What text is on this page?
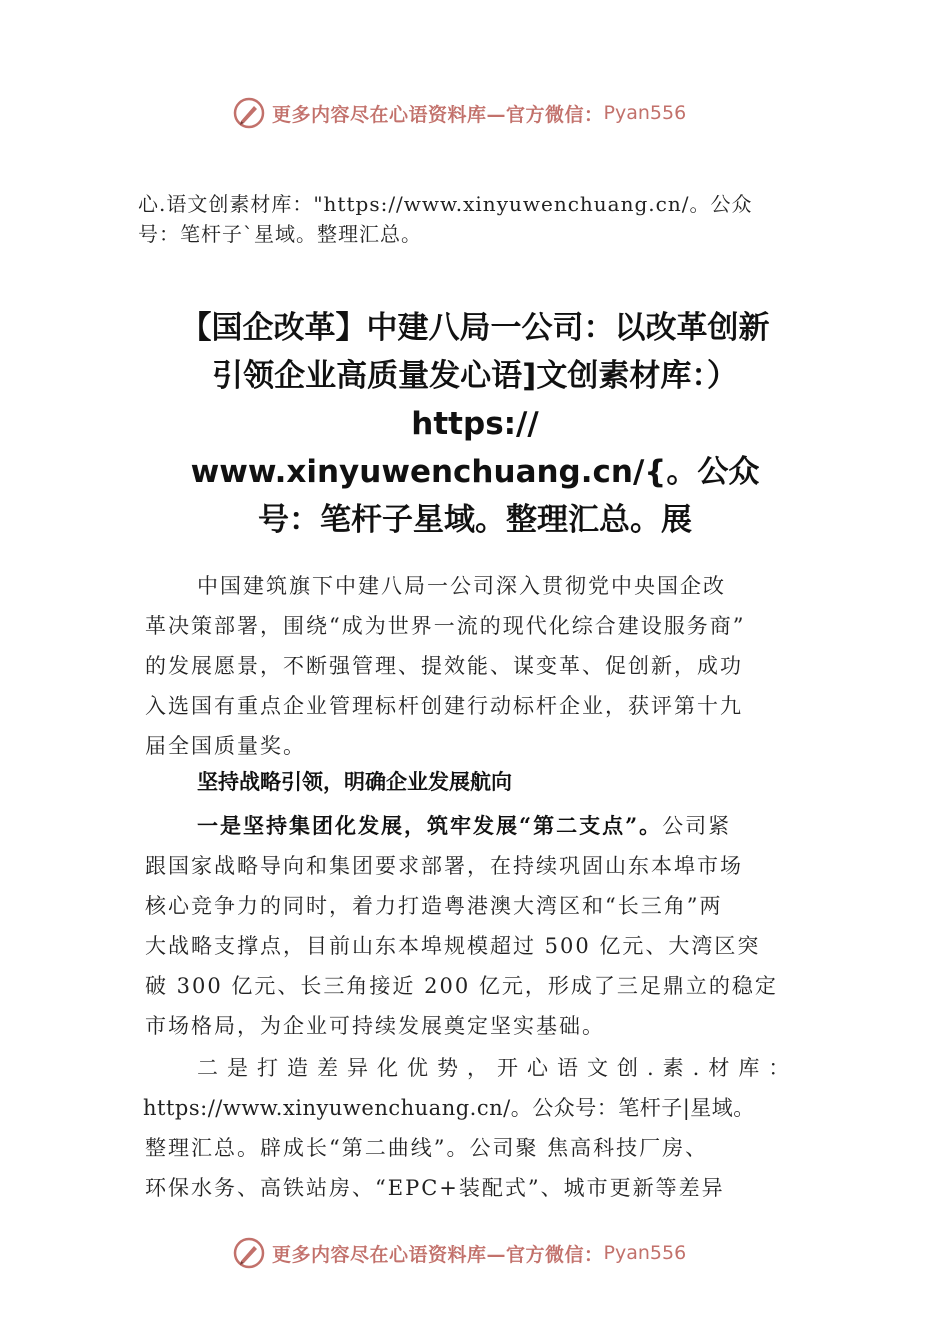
更多内容尽在心语资料库—官方微信： Pyan556
心.语文创素材库："https://www.xinyuwenchuang.cn/。公众
号：笔杆子`星域。整理汇总。
【国企改革】中建八局一公司：以改革创新
引领企业高质量发心语]文创素材库：）
https://
www.xinyuwenchuang.cn/{。公众
号：笔杆子星域。整理汇总。展
中国建筑旗下中建八局一公司深入贯彻党中央国企改
革决策部署，围绕“成为世界一流的现代化综合建设服务商”
的发展愿景，不断强管理、提效能、谋变革、促创新，成功
入选国有重点企业管理标杆创建行动标杆企业，获评第十九
届全国质量奖。
坚持战略引领，明确企业发展航向
一是坚持集团化发展，筑牢发展“第二支点”。公司紧
跟国家战略导向和集团要求部署，在持续巩固山东本埠市场
核心竞争力的同时，着力打造粤港澳大湾区和“长三角”两
大战略支撑点，目前山东本埠规模超过 500 亿元、大湾区突
破 300 亿元、长三角接近 200 亿元，形成了三足鼎立的稳定
市场格局，为企业可持续发展奠定坚实基础。
二是打造差异化优势，开心语文创.素.材库：
https://www.xinyuwenchuang.cn/。公众号：笔杆子|星域。
整理汇总。辟成长“第二曲线”。公司聚 焦高科技厂房、
环保水务、高铁站房、“EPC+装配式”、城市更新等差异
更多内容尽在心语资料库—官方微信： Pyan556
